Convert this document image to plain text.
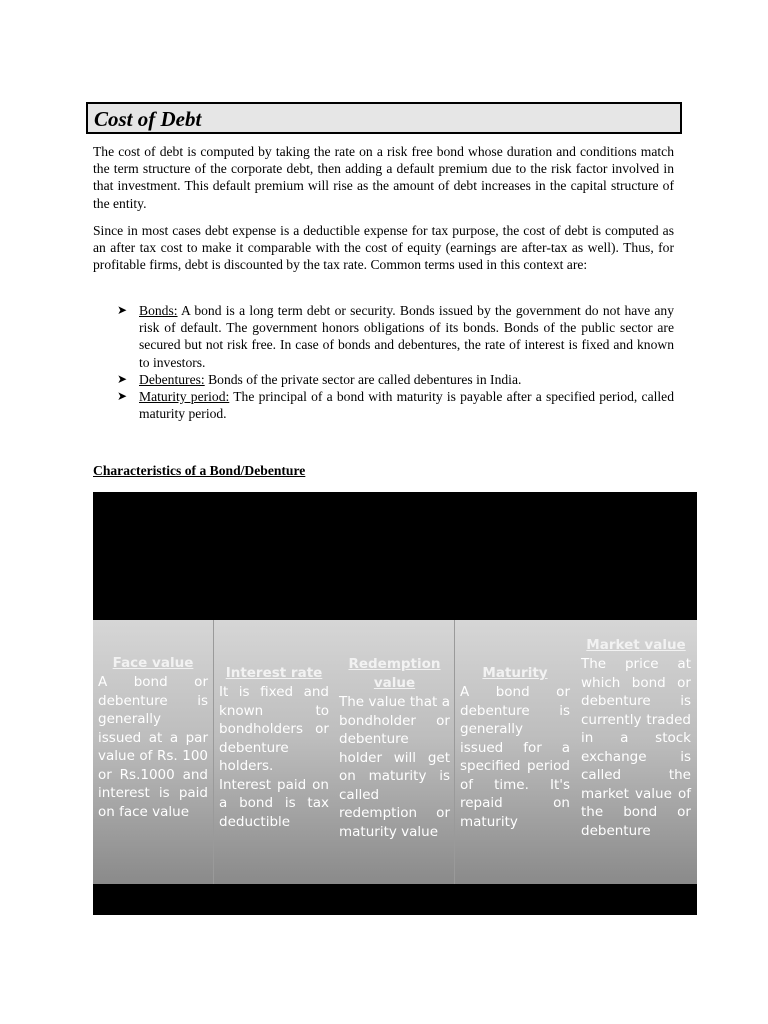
Cost of Debt

The cost of debt is computed by taking the rate on a risk free bond whose duration and conditions match the term structure of the corporate debt, then adding a default premium due to the risk factor involved in that investment. This default premium will rise as the amount of debt increases in the capital structure of the entity.

Since in most cases debt expense is a deductible expense for tax purpose, the cost of debt is computed as an after tax cost to make it comparable with the cost of equity (earnings are after-tax as well). Thus, for profitable firms, debt is discounted by the tax rate. Common terms used in this context are:

➤ Bonds: A bond is a long term debt or security. Bonds issued by the government do not have any risk of default. The government honors obligations of its bonds. Bonds of the public sector are secured but not risk free. In case of bonds and debentures, the rate of interest is fixed and known to investors.
➤ Debentures: Bonds of the private sector are called debentures in India.
➤ Maturity period: The principal of a bond with maturity is payable after a specified period, called maturity period.
Characteristics of a Bond/Debenture
Face value
A bond or debenture is generally issued at a par value of Rs. 100 or Rs.1000 and interest is paid on face value
Interest rate
It is fixed and known to bondholders or debenture holders. Interest paid on a bond is tax deductible
Redemption value
The value that a bondholder or debenture holder will get on maturity is called redemption or maturity value
Maturity
A bond or debenture is generally issued for a specified period of time. It's repaid on maturity
Market value
The price at which bond or debenture is currently traded in a stock exchange is called the market value of the bond or debenture
